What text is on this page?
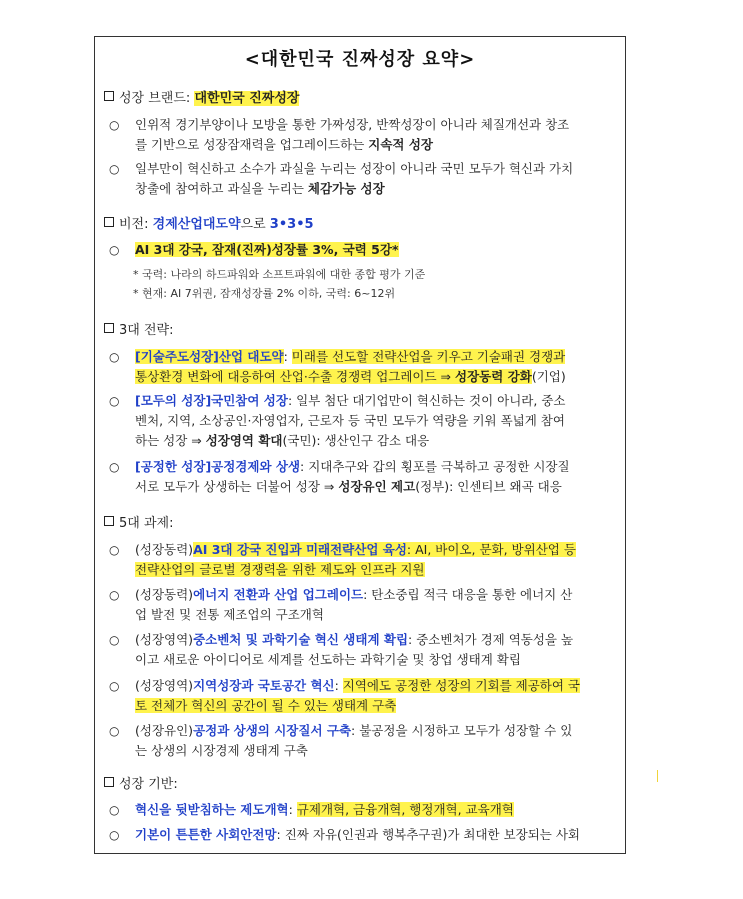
<대한민국 진짜성장 요약>
성장 브랜드: 대한민국 진짜성장
○ 인위적 경기부양이나 모방을 통한 가짜성장, 반짝성장이 아니라 체질개선과 창조
를 기반으로 성장잠재력을 업그레이드하는 지속적 성장
○ 일부만이 혁신하고 소수가 과실을 누리는 성장이 아니라 국민 모두가 혁신과 가치
창출에 참여하고 과실을 누리는 체감가능 성장
비전: 경제산업대도약으로 3•3•5
○ AI 3대 강국, 잠재(진짜)성장률 3%, 국력 5강*
* 국력: 나라의 하드파워와 소프트파워에 대한 종합 평가 기준
* 현재: AI 7위권, 잠재성장률 2% 이하, 국력: 6~12위
3대 전략:
○ [기술주도성장]산업 대도약: 미래를 선도할 전략산업을 키우고 기술패권 경쟁과
통상환경 변화에 대응하여 산업·수출 경쟁력 업그레이드 ⇒ 성장동력 강화(기업)
○ [모두의 성장]국민참여 성장: 일부 첨단 대기업만이 혁신하는 것이 아니라, 중소
벤처, 지역, 소상공인·자영업자, 근로자 등 국민 모두가 역량을 키워 폭넓게 참여
하는 성장 ⇒ 성장영역 확대(국민): 생산인구 감소 대응
○ [공정한 성장]공정경제와 상생: 지대추구와 갑의 횡포를 극복하고 공정한 시장질
서로 모두가 상생하는 더불어 성장 ⇒ 성장유인 제고(정부): 인센티브 왜곡 대응
5대 과제:
○ (성장동력)AI 3대 강국 진입과 미래전략산업 육성: AI, 바이오, 문화, 방위산업 등
전략산업의 글로벌 경쟁력을 위한 제도와 인프라 지원
○ (성장동력)에너지 전환과 산업 업그레이드: 탄소중립 적극 대응을 통한 에너지 산
업 발전 및 전통 제조업의 구조개혁
○ (성장영역)중소벤처 및 과학기술 혁신 생태계 확립: 중소벤처가 경제 역동성을 높
이고 새로운 아이디어로 세계를 선도하는 과학기술 및 창업 생태계 확립
○ (성장영역)지역성장과 국토공간 혁신: 지역에도 공정한 성장의 기회를 제공하여 국
토 전체가 혁신의 공간이 될 수 있는 생태계 구축
○ (성장유인)공정과 상생의 시장질서 구축: 불공정을 시정하고 모두가 성장할 수 있
는 상생의 시장경제 생태계 구축
성장 기반:
○ 혁신을 뒷받침하는 제도개혁: 규제개혁, 금융개혁, 행정개혁, 교육개혁
○ 기본이 튼튼한 사회안전망: 진짜 자유(인권과 행복추구권)가 최대한 보장되는 사회
